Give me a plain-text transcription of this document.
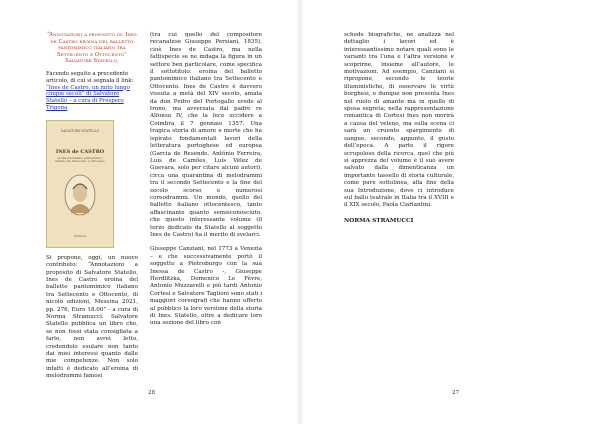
“Annotazioni a proposito di: Ines de Castro eroina del balletto pantomimico italiano tra Settecento e Ottocento” Salvatore Statello,

Facendo seguito a precedente articolo, di cui si segnala il link:

“Ines de Castro, un mito lungo cinque secoli” di Salvatore Statello – a cura di Prospero Trigona

SALVATORE STATELLO
INES de CASTRO
eroina del balletto pantomimico italiano tra Settecento e Ottocento
Edizioni

Si propone, oggi, un nuovo contributo: “Annotazioni a proposito di Salvatore Statello, Ines de Castro eroina del balletto pantomimico italiano tra Settecento e Ottocento, di nicolò edizioni, Messina 2021, pp. 276, Euro 18.00” - a cura di Norma Stramucci. Salvatore Statello pubblica un libro che, se non fossi stata consigliata a farlo, non avrei letto, credendolo esulare non tanto dai miei interessi quanto dalle mie competenze. Non solo infatti è dedicato all’eroina di melodrammi famosi

(tra cui quello del compositore recanatese Giuseppe Persiani, 1835), cioè Ines de Castro, ma nella fattispecie se ne indaga la figura in un settore ben particolare, come specifica il sottotitolo: eroina del balletto pantomimico italiano tra Settecento e Ottocento. Ines de Castro è davvero vissuta a metà del XIV secolo, amata da don Pedro del Portogallo erede al trono, ma avversata dal padre re Alfonso IV, che la fece uccidere a Coimbra il 7 gennaio 1357. Una tragica storia di amore e morte che ha ispirato fondamentali lavori della letteratura portoghese ed europea (Garcia de Resende, António Ferreira, Luís de Camões, Luís Vélez de Guevara, solo per citare alcuni autori), circa una quarantina di melodrammi tra il secondo Settecento e la fine del secolo scorso e numerosi coreodrammi. Un mondo, quello del balletto italiano ottocentesco, tanto affascinante quanto semisconosciuto, che questo interessante volume (il terzo dedicato da Statello al soggetto Ines de Castro) ha il merito di svelarci.

Giuseppe Canziani, nel 1773 a Venezia – e che successivamente portò il soggetto a Pietroburgo con la sua Inessa de Castro -, Giuseppe Herdlitzka, Domenico Le Fèvre, Antonio Muzzarelli e più tardi Antonio Cortesi e Salvatore Taglioni sono stati i maggiori coreografi che hanno offerto al pubblico la loro versione della storia di Ines. Statello, oltre a dedicare loro una sezione del libro con

28

schede biografiche, ne analizza nel dettaglio i lavori ed è interessantissimo notare quali sono le varianti tra l’una e l’altra versione e scoprirne, insieme all’autore, le motivazioni. Ad esempio, Canziani si ripropone, secondo le teorie illuministiche, di osservare le virtù borghesi, e dunque non presenta Ines nel ruolo di amante ma in quello di sposa segreta; nella rappresentazione romantica di Cortesi Ines non morirà a causa del veleno, ma sulla scena ci sarà un cruento spargimento di sangue, secondo, appunto, il gusto dell’epoca. A parte il rigore scrupoloso della ricerca, quel che più si apprezza del volume è il suo avere salvato dalla dimenticanza un importante tassello di storia culturale, come pure sottolinea, alla fine della sua Introduzione, dove ci introduce sul ballo teatrale in Italia tra il XVIII e il XIX secolo, Paola Ciarlantini.

NORMA STRAMUCCI

27
